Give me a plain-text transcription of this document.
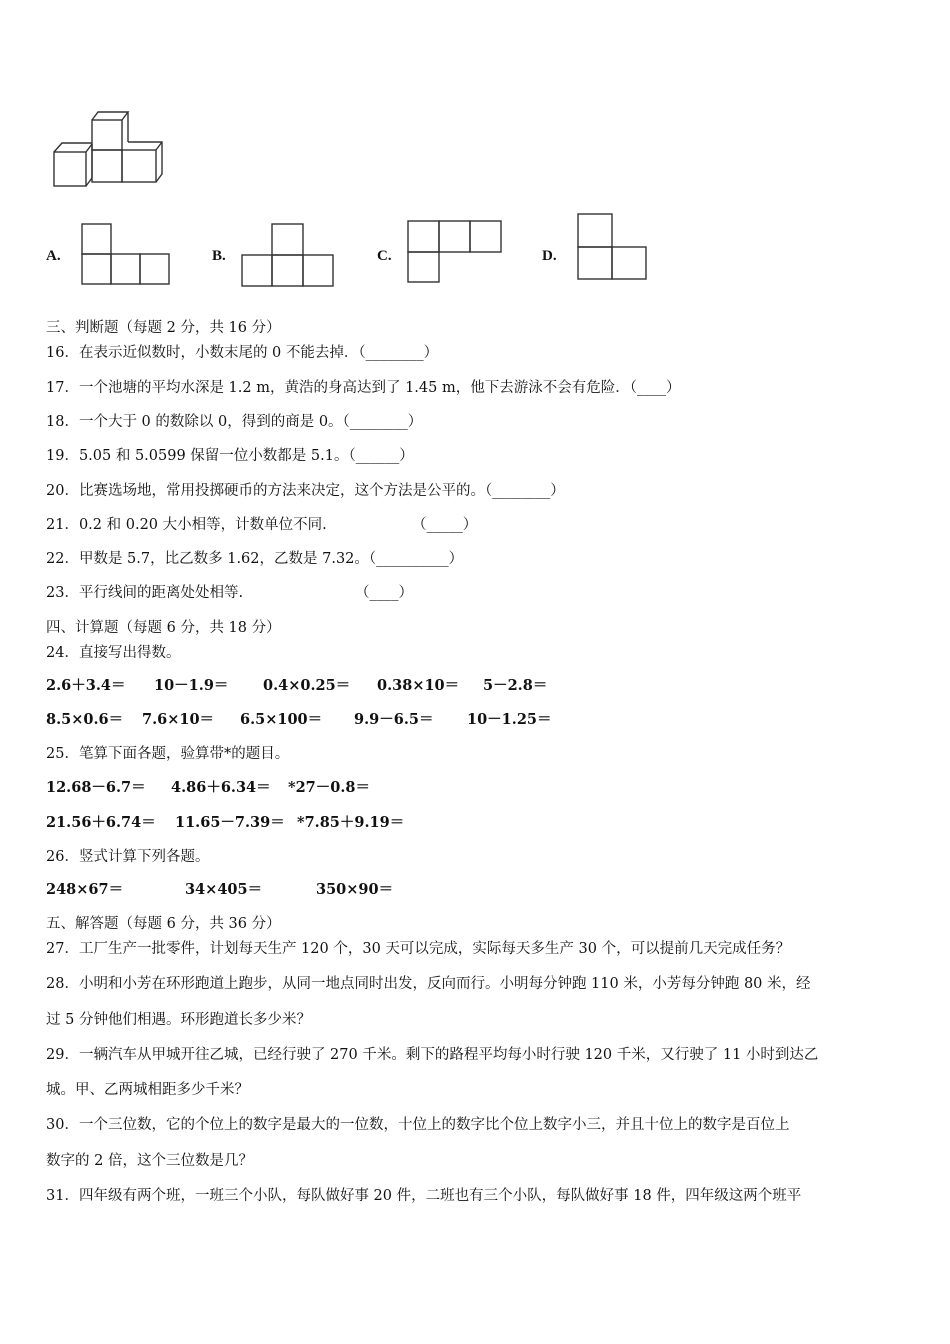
A.	B.	C.	D.
三、判断题（每题 2 分，共 16 分）
16．在表示近似数时，小数末尾的 0 不能去掉．（________）
17．一个池塘的平均水深是 1.2 m，黄浩的身高达到了 1.45 m，他下去游泳不会有危险．（____）
18．一个大于 0 的数除以 0，得到的商是 0。（________）
19．5.05 和 5.0599 保留一位小数都是 5.1。（______）
20．比赛选场地，常用投掷硬币的方法来决定，这个方法是公平的。（________）
21．0.2 和 0.20 大小相等，计数单位不同.	（_____）
22．甲数是 5.7，比乙数多 1.62，乙数是 7.32。（__________）
23．平行线间的距离处处相等.	（____）
四、计算题（每题 6 分，共 18 分）
24．直接写出得数。
2.6＋3.4＝ 10－1.9＝ 0.4×0.25＝ 0.38×10＝ 5－2.8＝
8.5×0.6＝ 7.6×10＝ 6.5×100＝ 9.9－6.5＝ 10－1.25＝
25．笔算下面各题，验算带*的题目。
12.68－6.7＝ 4.86＋6.34＝ *27－0.8＝
21.56＋6.74＝ 11.65－7.39＝ *7.85＋9.19＝
26．竖式计算下列各题。
248×67＝	34×405＝	350×90＝
五、解答题（每题 6 分，共 36 分）
27．工厂生产一批零件，计划每天生产 120 个，30 天可以完成，实际每天多生产 30 个，可以提前几天完成任务？
28．小明和小芳在环形跑道上跑步，从同一地点同时出发，反向而行。小明每分钟跑 110 米，小芳每分钟跑 80 米，经
过 5 分钟他们相遇。环形跑道长多少米？
29．一辆汽车从甲城开往乙城，已经行驶了 270 千米。剩下的路程平均每小时行驶 120 千米，又行驶了 11 小时到达乙
城。甲、乙两城相距多少千米？
30．一个三位数，它的个位上的数字是最大的一位数，十位上的数字比个位上数字小三，并且十位上的数字是百位上
数字的 2 倍，这个三位数是几？
31．四年级有两个班，一班三个小队，每队做好事 20 件，二班也有三个小队，每队做好事 18 件，四年级这两个班平
